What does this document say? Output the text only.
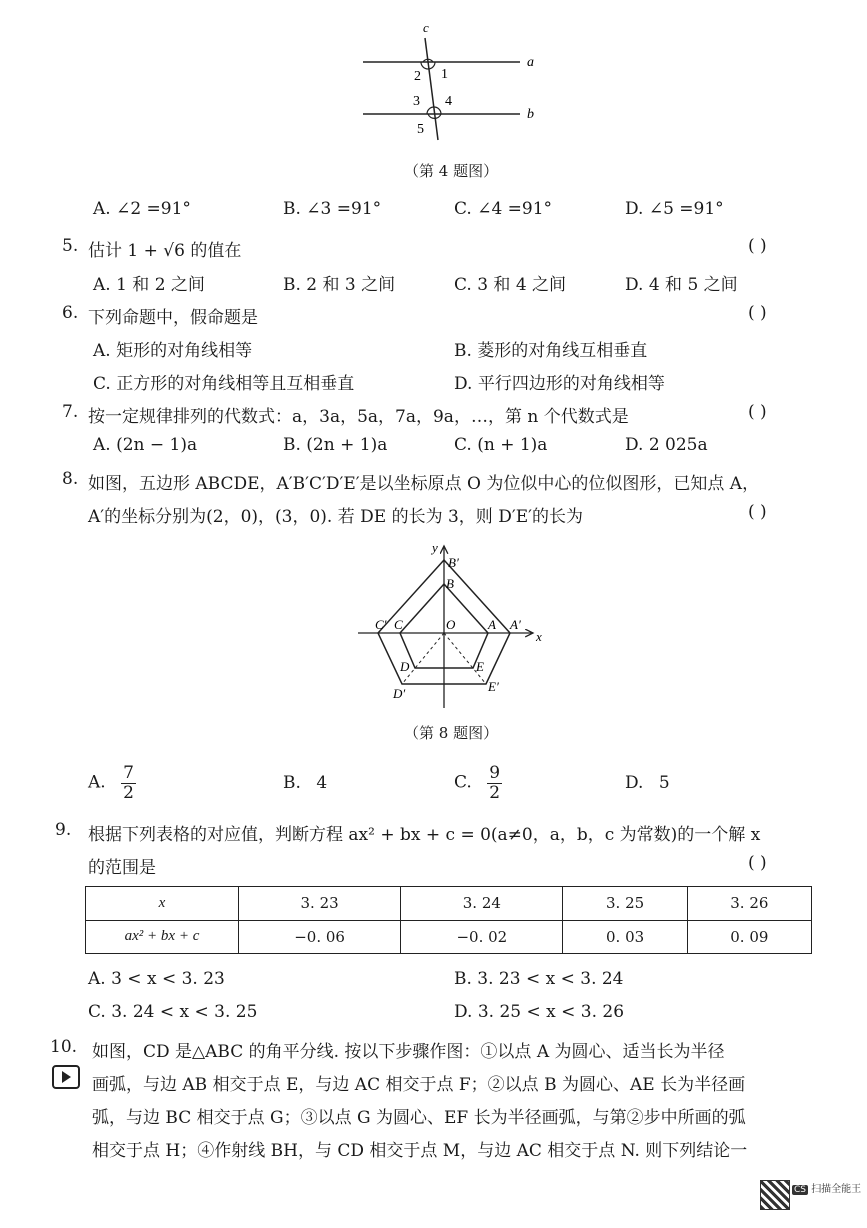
c
a
b
2 1
3 4
5
（第 4 题图）
A. ∠2 =91°	B. ∠3 =91°	C. ∠4 =91°	D. ∠5 =91°
5. 估计 1 + √6 的值在	( )
A. 1 和 2 之间	B. 2 和 3 之间	C. 3 和 4 之间	D. 4 和 5 之间
6. 下列命题中，假命题是	( )
A. 矩形的对角线相等	B. 菱形的对角线互相垂直
C. 正方形的对角线相等且互相垂直	D. 平行四边形的对角线相等
7. 按一定规律排列的代数式：a，3a，5a，7a，9a，…，第 n 个代数式是	( )
A. (2n − 1)a	B. (2n + 1)a	C. (n + 1)a	D. 2 025a
8. 如图，五边形 ABCDE，A′B′C′D′E′是以坐标原点 O 为位似中心的位似图形，已知点 A，
A′的坐标分别为(2，0)，(3，0). 若 DE 的长为 3，则 D′E′的长为	( )
y
x
O	A A′
B′
B
C′ C
D
D′
E
E′
（第 8 题图）
A. $\frac{7}{2}$	B. 4	C. $\frac{9}{2}$	D. 5
9. 根据下列表格的对应值，判断方程 ax² + bx + c = 0(a≠0，a，b，c 为常数)的一个解 x
的范围是	( )
x	3. 23	3. 24	3. 25	3. 26
ax² + bx + c	−0. 06	−0. 02	0. 03	0. 09
A. 3 < x < 3. 23	B. 3. 23 < x < 3. 24
C. 3. 24 < x < 3. 25	D. 3. 25 < x < 3. 26
10. 如图，CD 是△ABC 的角平分线. 按以下步骤作图：①以点 A 为圆心、适当长为半径
画弧，与边 AB 相交于点 E，与边 AC 相交于点 F；②以点 B 为圆心、AE 长为半径画
弧，与边 BC 相交于点 G；③以点 G 为圆心、EF 长为半径画弧，与第②步中所画的弧
相交于点 H；④作射线 BH，与 CD 相交于点 M，与边 AC 相交于点 N. 则下列结论一
CS 扫描全能王
